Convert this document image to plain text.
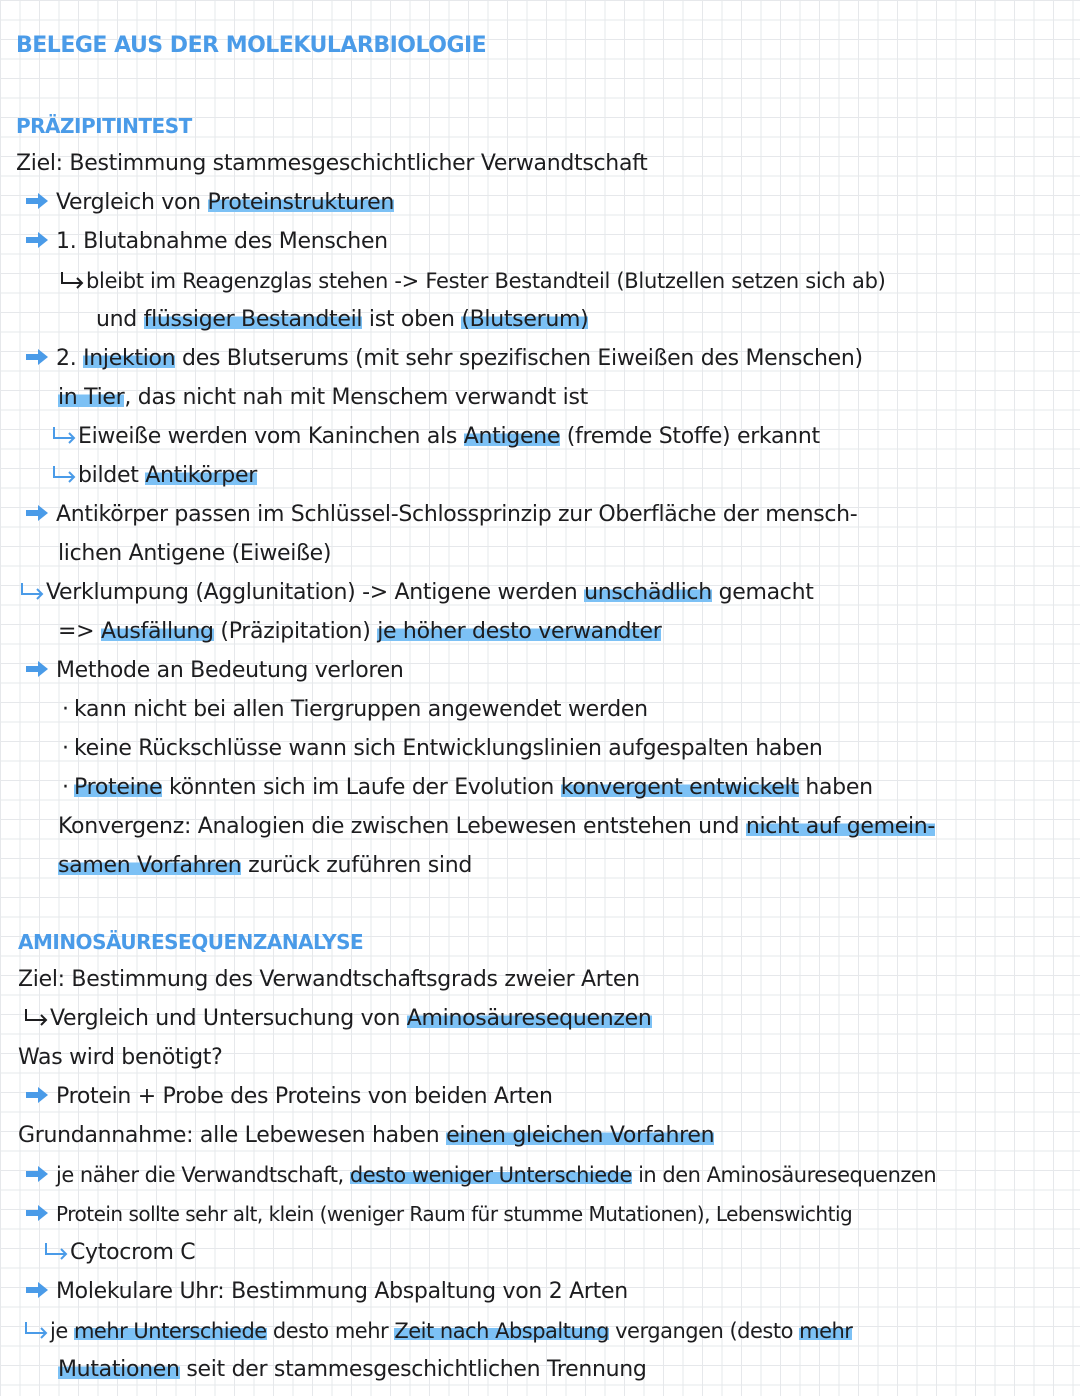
BELEGE AUS DER MOLEKULARBIOLOGIE
PRÄZIPITINTEST
Ziel: Bestimmung stammesgeschichtlicher Verwandtschaft
Vergleich von Proteinstrukturen
1. Blutabnahme des Menschen
bleibt im Reagenzglas stehen -> Fester Bestandteil (Blutzellen setzen sich ab)
und flüssiger Bestandteil ist oben (Blutserum)
2. Injektion des Blutserums (mit sehr spezifischen Eiweißen des Menschen)
in Tier, das nicht nah mit Menschem verwandt ist
Eiweiße werden vom Kaninchen als Antigene (fremde Stoffe) erkannt
bildet Antikörper
Antikörper passen im Schlüssel-Schlossprinzip zur Oberfläche der mensch-
lichen Antigene (Eiweiße)
Verklumpung (Agglunitation) -> Antigene werden unschädlich gemacht
=> Ausfällung (Präzipitation) je höher desto verwandter
Methode an Bedeutung verloren
· kann nicht bei allen Tiergruppen angewendet werden
· keine Rückschlüsse wann sich Entwicklungslinien aufgespalten haben
· Proteine könnten sich im Laufe der Evolution konvergent entwickelt haben
Konvergenz: Analogien die zwischen Lebewesen entstehen und nicht auf gemein-
samen Vorfahren zurück zuführen sind
AMINOSÄURESEQUENZANALYSE
Ziel: Bestimmung des Verwandtschaftsgrads zweier Arten
Vergleich und Untersuchung von Aminosäuresequenzen
Was wird benötigt?
Protein + Probe des Proteins von beiden Arten
Grundannahme: alle Lebewesen haben einen gleichen Vorfahren
je näher die Verwandtschaft, desto weniger Unterschiede in den Aminosäuresequenzen
Protein sollte sehr alt, klein (weniger Raum für stumme Mutationen), Lebenswichtig
Cytocrom C
Molekulare Uhr: Bestimmung Abspaltung von 2 Arten
je mehr Unterschiede desto mehr Zeit nach Abspaltung vergangen (desto mehr
Mutationen seit der stammesgeschichtlichen Trennung
